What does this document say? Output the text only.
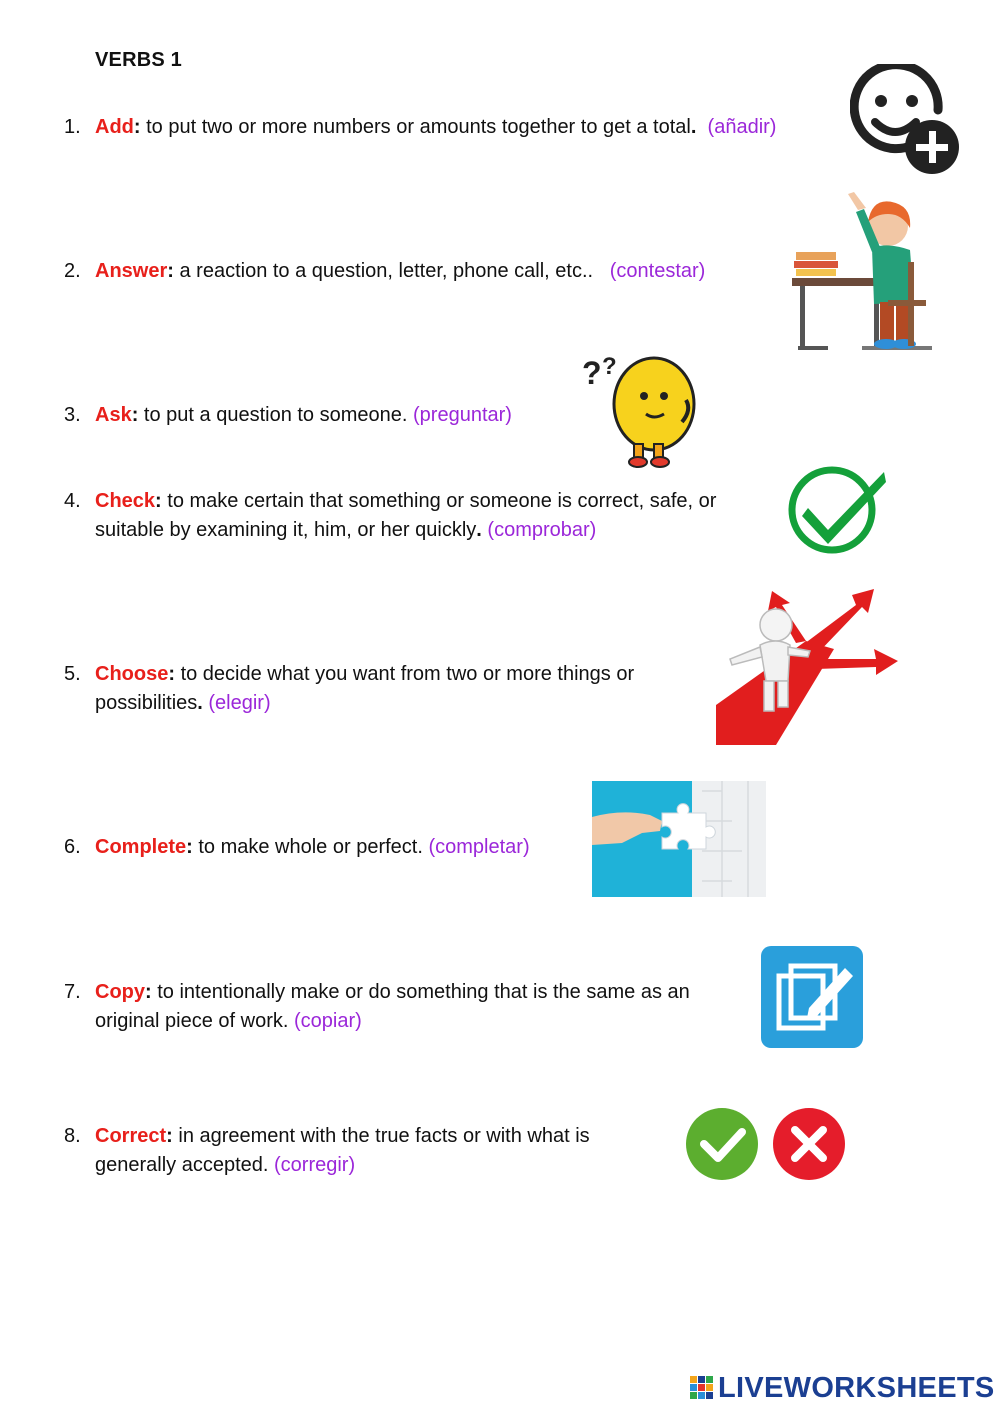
VERBS 1
1. Add: to put two or more numbers or amounts together to get a total. (añadir)
2. Answer: a reaction to a question, letter, phone call, etc.. (contestar)
3. Ask: to put a question to someone. (preguntar)
4. Check: to make certain that something or someone is correct, safe, or suitable by examining it, him, or her quickly. (comprobar)
5. Choose: to decide what you want from two or more things or possibilities. (elegir)
6. Complete: to make whole or perfect. (completar)
7. Copy: to intentionally make or do something that is the same as an original piece of work. (copiar)
8. Correct: in agreement with the true facts or with what is generally accepted. (corregir)
? ?
LIVEWORKSHEETS
